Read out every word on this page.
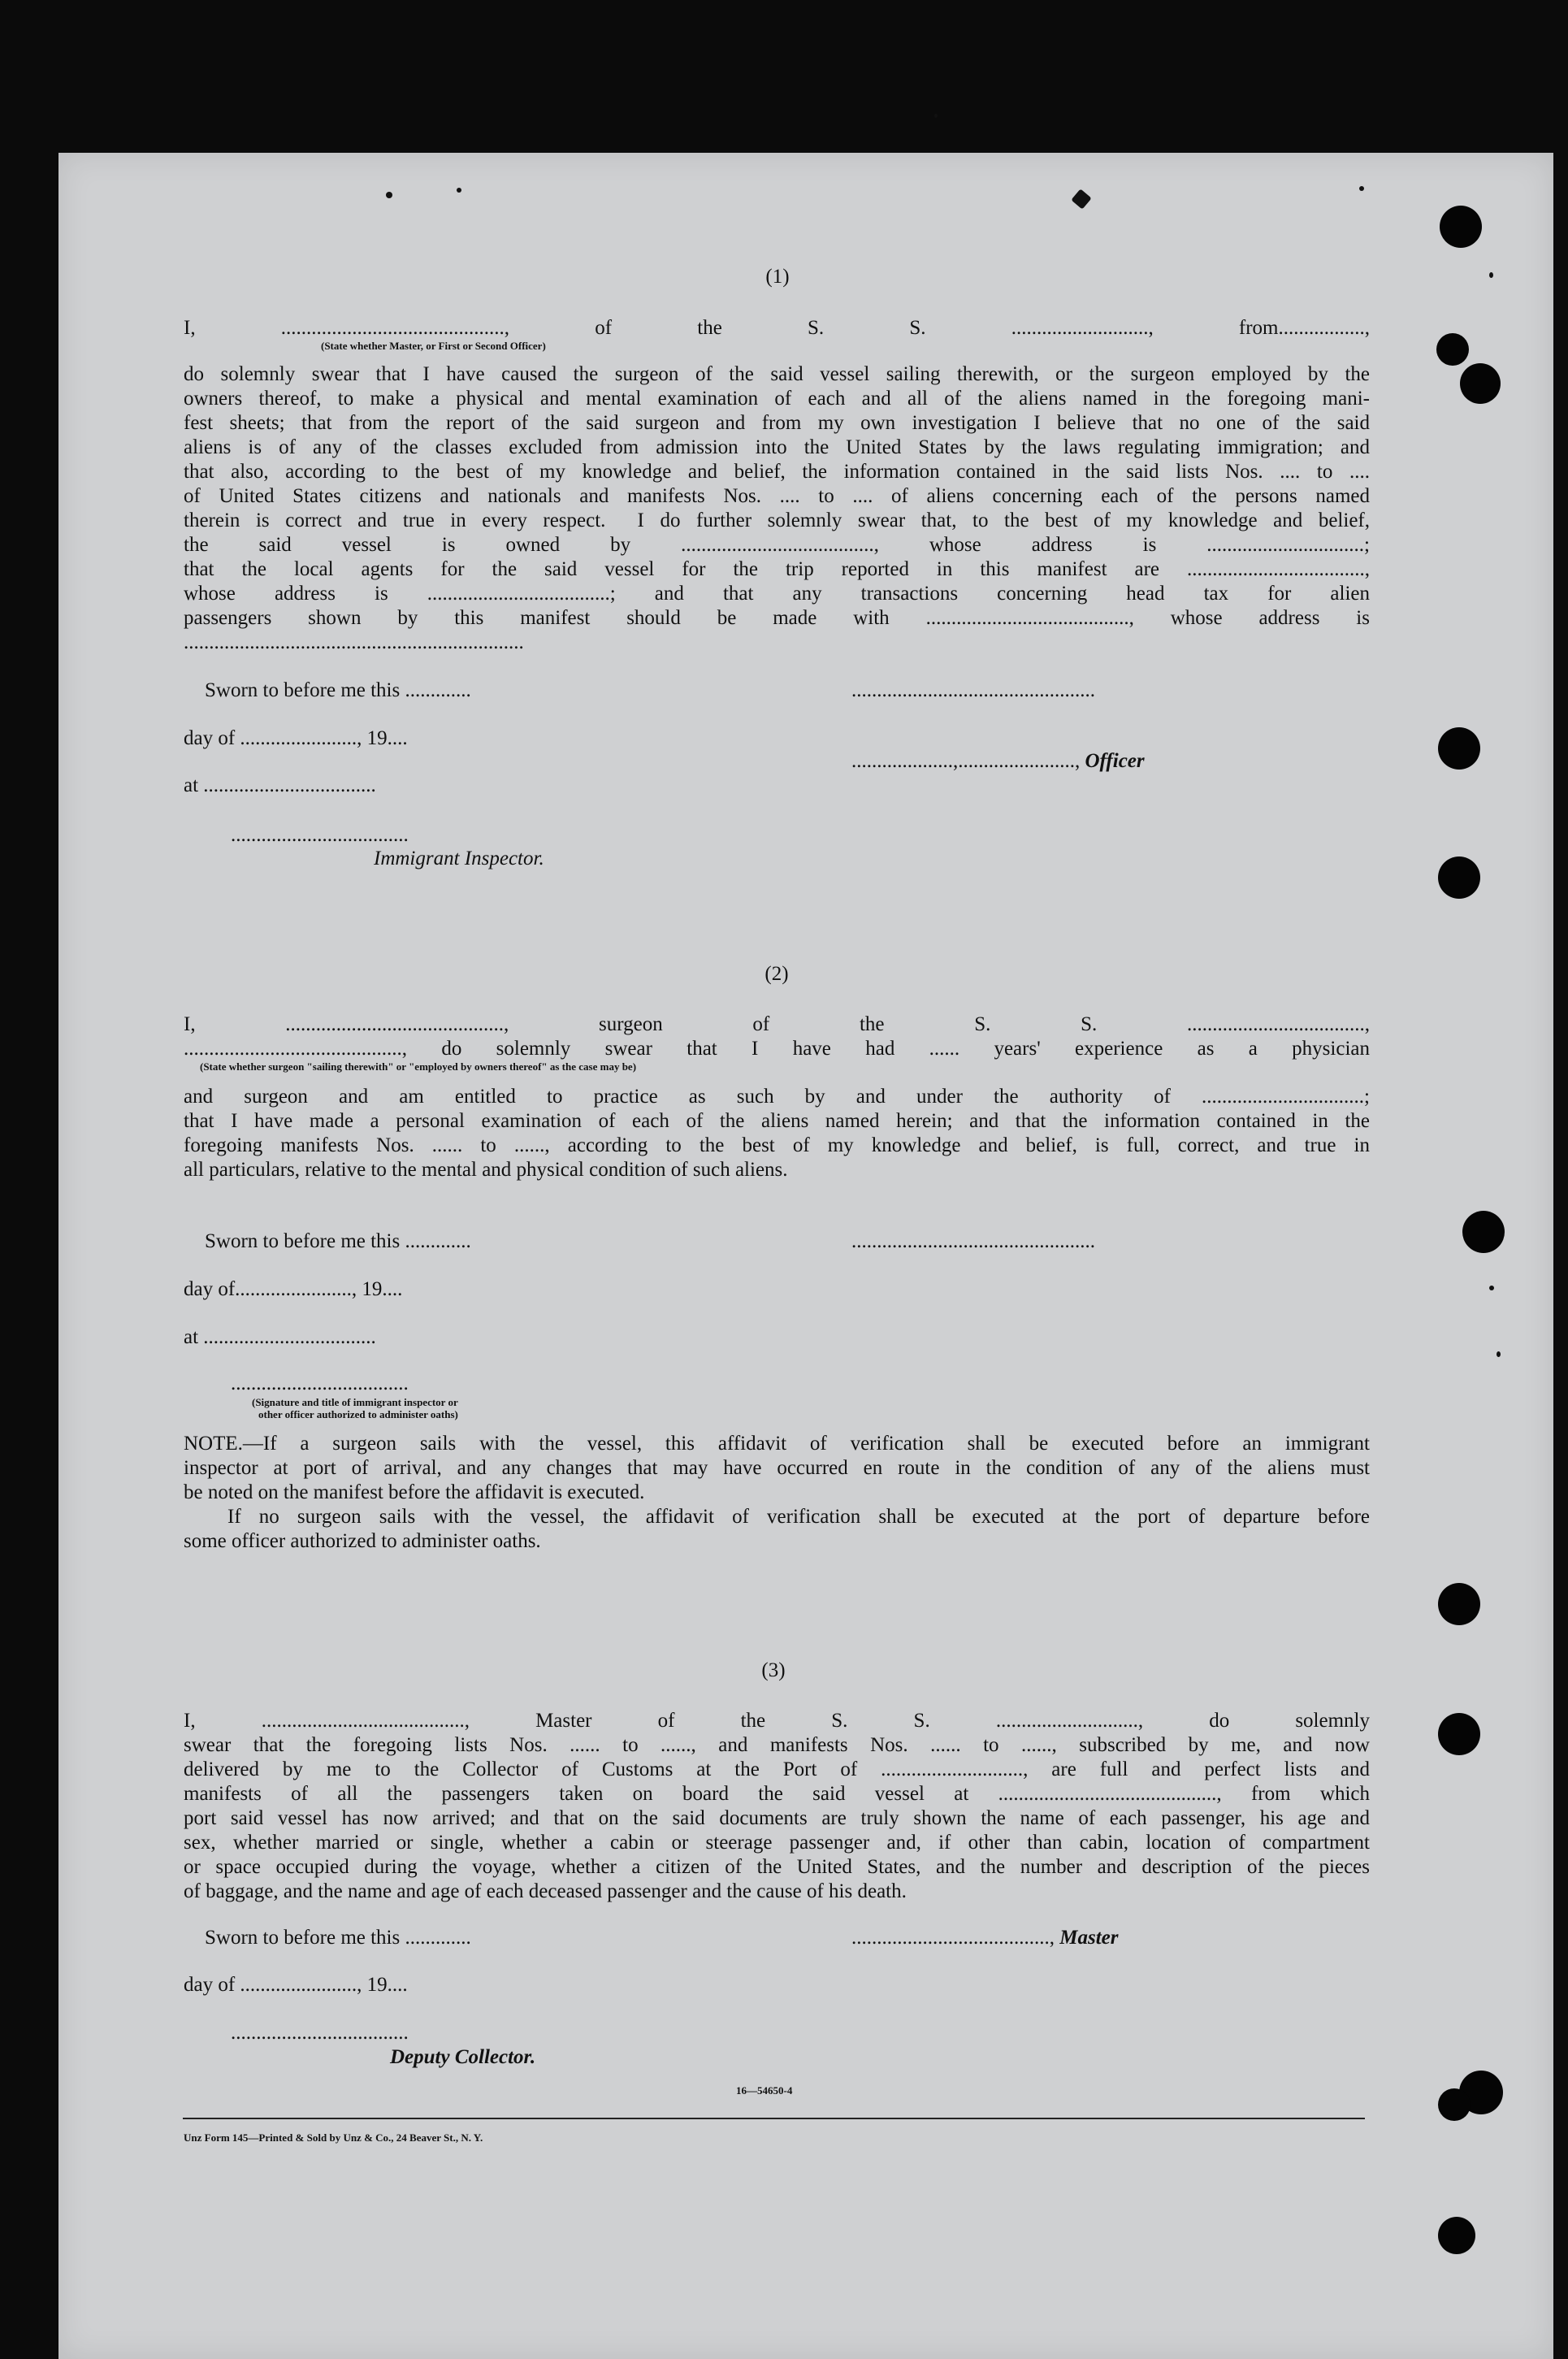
(1)
I, ............................................, of the S. S. ..........................., from.................,
(State whether Master, or First or Second Officer)
do solemnly swear that I have caused the surgeon of the said vessel sailing therewith, or the surgeon employed by the
owners thereof, to make a physical and mental examination of each and all of the aliens named in the foregoing mani-
fest sheets; that from the report of the said surgeon and from my own investigation I believe that no one of the said
aliens is of any of the classes excluded from admission into the United States by the laws regulating immigration; and
that also, according to the best of my knowledge and belief, the information contained in the said lists Nos. .... to ....
of United States citizens and nationals and manifests Nos. .... to .... of aliens concerning each of the persons named
therein is correct and true in every respect.  I do further solemnly swear that, to the best of my knowledge and belief,
the said vessel is owned by ......................................, whose address is ...............................;
that the local agents for the said vessel for the trip reported in this manifest are ...................................,
whose address is ....................................; and that any transactions concerning head tax for alien
passengers shown by this manifest should be made with ........................................, whose address is
...................................................................
Sworn to before me this .............
day of ......................., 19....
at ..................................
...................................
Immigrant Inspector.
................................................
....................,......................., Officer
(2)
I, ..........................................., surgeon of the S. S. ...................................,
..........................................., do solemnly swear that I have had ...... years' experience as a physician
(State whether surgeon "sailing therewith" or "employed by owners thereof" as the case may be)
and surgeon and am entitled to practice as such by and under the authority of ................................;
that I have made a personal examination of each of the aliens named herein; and that the information contained in the
foregoing manifests Nos. ...... to ......, according to the best of my knowledge and belief, is full, correct, and true in
all particulars, relative to the mental and physical condition of such aliens.
Sworn to before me this .............
day of......................., 19....
at ..................................
...................................
(Signature and title of immigrant inspector or
other officer authorized to administer oaths)
................................................
NOTE.—If a surgeon sails with the vessel, this affidavit of verification shall be executed before an immigrant
inspector at port of arrival, and any changes that may have occurred en route in the condition of any of the aliens must
be noted on the manifest before the affidavit is executed.
If no surgeon sails with the vessel, the affidavit of verification shall be executed at the port of departure before
some officer authorized to administer oaths.
(3)
I, ........................................, Master of the S. S. ............................, do solemnly
swear that the foregoing lists Nos. ...... to ......, and manifests Nos. ...... to ......, subscribed by me, and now
delivered by me to the Collector of Customs at the Port of ............................, are full and perfect lists and
manifests of all the passengers taken on board the said vessel at ..........................................., from which
port said vessel has now arrived; and that on the said documents are truly shown the name of each passenger, his age and
sex, whether married or single, whether a cabin or steerage passenger and, if other than cabin, location of compartment
or space occupied during the voyage, whether a citizen of the United States, and the number and description of the pieces
of baggage, and the name and age of each deceased passenger and the cause of his death.
Sworn to before me this .............
day of ......................., 19....
...................................
Deputy Collector.
......................................., Master
16—54650-4
Unz Form 145—Printed & Sold by Unz & Co., 24 Beaver St., N. Y.
